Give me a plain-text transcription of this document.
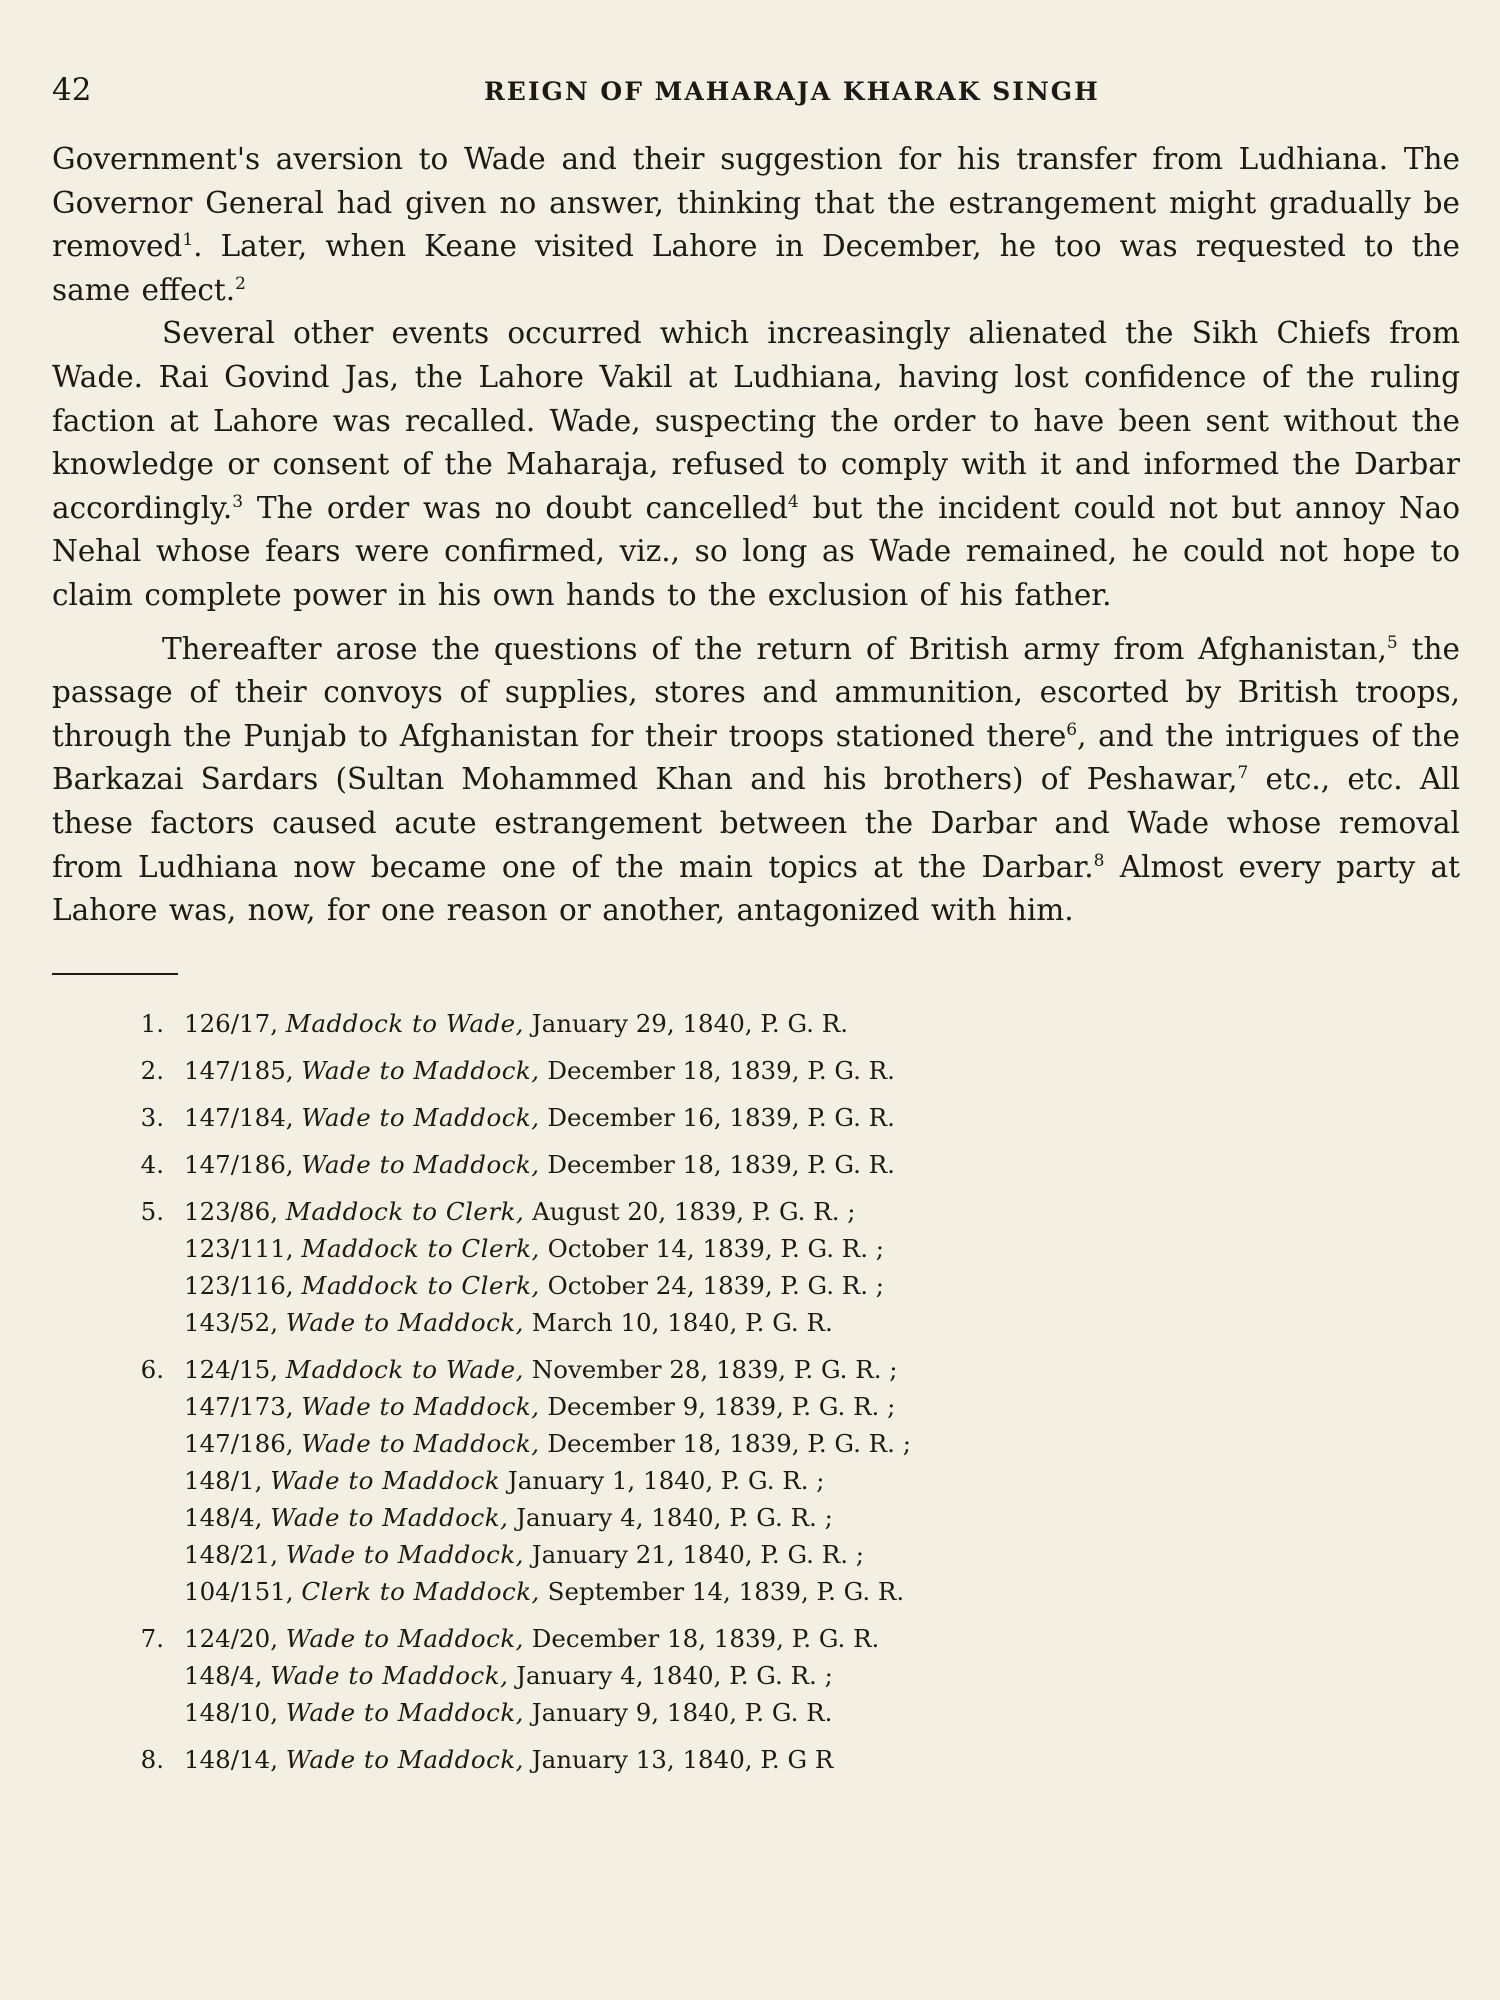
42	REIGN OF MAHARAJA KHARAK SINGH

Government's aversion to Wade and their suggestion for his transfer from Ludhiana. The Governor General had given no answer, thinking that the estrangement might gradually be removed$^1$. Later, when Keane visited Lahore in December, he too was requested to the same effect.$^2$

Several other events occurred which increasingly alienated the Sikh Chiefs from Wade. Rai Govind Jas, the Lahore Vakil at Ludhiana, having lost confidence of the ruling faction at Lahore was recalled. Wade, suspecting the order to have been sent without the knowledge or consent of the Maharaja, refused to comply with it and informed the Darbar accordingly.$^3$ The order was no doubt cancelled$^4$ but the incident could not but annoy Nao Nehal whose fears were confirmed, viz., so long as Wade remained, he could not hope to claim complete power in his own hands to the exclusion of his father.

Thereafter arose the questions of the return of British army from Afghanistan,$^5$ the passage of their convoys of supplies, stores and ammunition, escorted by British troops, through the Punjab to Afghanistan for their troops stationed there$^6$, and the intrigues of the Barkazai Sardars (Sultan Mohammed Khan and his brothers) of Peshawar,$^7$ etc., etc. All these factors caused acute estrangement between the Darbar and Wade whose removal from Ludhiana now became one of the main topics at the Darbar.$^8$ Almost every party at Lahore was, now, for one reason or another, antagonized with him.

1. 126/17, Maddock to Wade, January 29, 1840, P. G. R.
2. 147/185, Wade to Maddock, December 18, 1839, P. G. R.
3. 147/184, Wade to Maddock, December 16, 1839, P. G. R.
4. 147/186, Wade to Maddock, December 18, 1839, P. G. R.
5. 123/86, Maddock to Clerk, August 20, 1839, P. G. R. ;
123/111, Maddock to Clerk, October 14, 1839, P. G. R. ;
123/116, Maddock to Clerk, October 24, 1839, P. G. R. ;
143/52, Wade to Maddock, March 10, 1840, P. G. R.
6. 124/15, Maddock to Wade, November 28, 1839, P. G. R. ;
147/173, Wade to Maddock, December 9, 1839, P. G. R. ;
147/186, Wade to Maddock, December 18, 1839, P. G. R. ;
148/1, Wade to Maddock January 1, 1840, P. G. R. ;
148/4, Wade to Maddock, January 4, 1840, P. G. R. ;
148/21, Wade to Maddock, January 21, 1840, P. G. R. ;
104/151, Clerk to Maddock, September 14, 1839, P. G. R.
7. 124/20, Wade to Maddock, December 18, 1839, P. G. R.
148/4, Wade to Maddock, January 4, 1840, P. G. R. ;
148/10, Wade to Maddock, January 9, 1840, P. G. R.
8. 148/14, Wade to Maddock, January 13, 1840, P. G R
